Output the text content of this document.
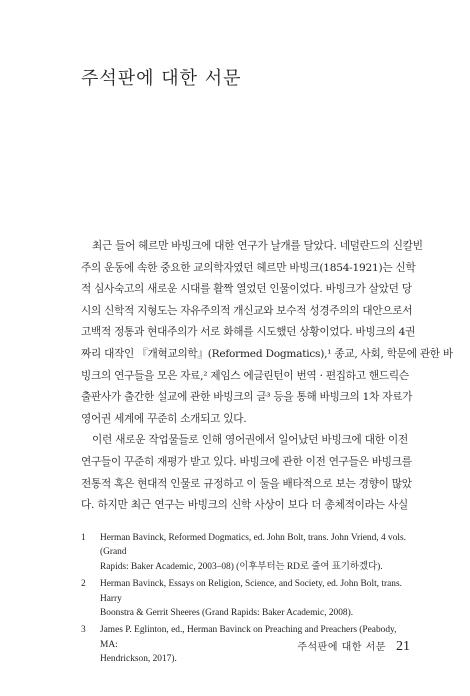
주석판에 대한 서문

최근 들어 헤르만 바빙크에 대한 연구가 날개를 달았다. 네덜란드의 신칼빈
주의 운동에 속한 중요한 교의학자였던 헤르만 바빙크(1854-1921)는 신학
적 심사숙고의 새로운 시대를 활짝 열었던 인물이었다. 바빙크가 살았던 당
시의 신학적 지형도는 자유주의적 개신교와 보수적 성경주의의 대안으로서
고백적 정통과 현대주의가 서로 화해를 시도했던 상황이었다. 바빙크의 4권
짜리 대작인 『개혁교의학』(Reformed Dogmatics),¹ 종교, 사회, 학문에 관한 바
빙크의 연구들을 모은 자료,² 제임스 에글린턴이 번역 · 편집하고 핸드릭슨
출판사가 출간한 설교에 관한 바빙크의 글³ 등을 통해 바빙크의 1차 자료가
영어권 세계에 꾸준히 소개되고 있다.

이런 새로운 작업물들로 인해 영어권에서 일어났던 바빙크에 대한 이전
연구들이 꾸준히 재평가 받고 있다. 바빙크에 관한 이전 연구들은 바빙크를
전통적 혹은 현대적 인물로 규정하고 이 둘을 배타적으로 보는 경향이 많았
다. 하지만 최근 연구는 바빙크의 신학 사상이 보다 더 총체적이라는 사실

1 Herman Bavinck, Reformed Dogmatics, ed. John Bolt, trans. John Vriend, 4 vols. (Grand
Rapids: Baker Academic, 2003–08) (이후부터는 RD로 줄여 표기하겠다).
2 Herman Bavinck, Essays on Religion, Science, and Society, ed. John Bolt, trans. Harry
Boonstra & Gerrit Sheeres (Grand Rapids: Baker Academic, 2008).
3 James P. Eglinton, ed., Herman Bavinck on Preaching and Preachers (Peabody, MA:
Hendrickson, 2017).
주석판에 대한 서문 21
